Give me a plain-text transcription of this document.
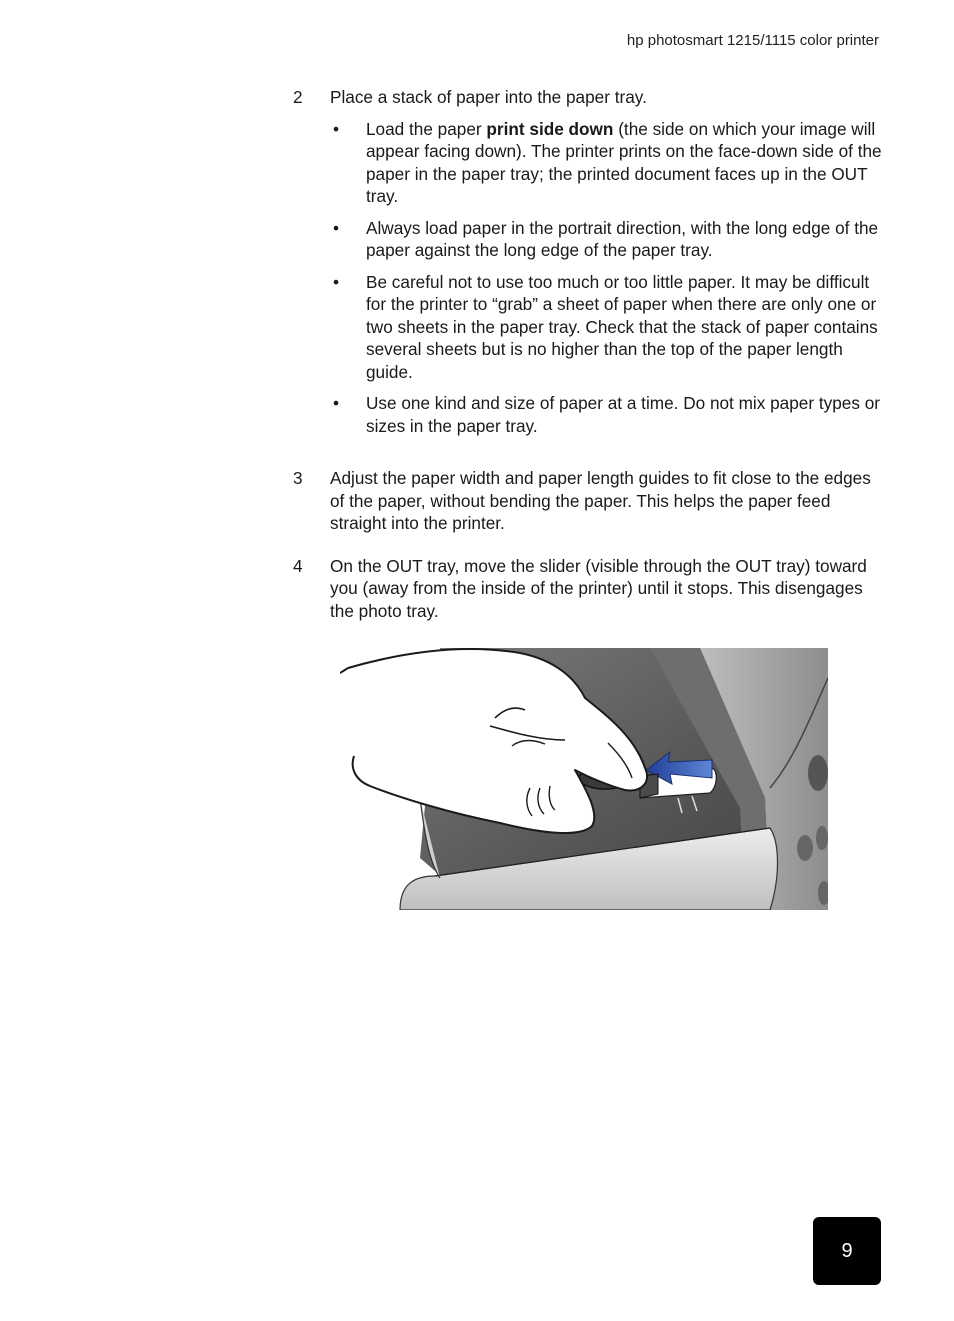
hp photosmart 1215/1115 color printer
2	Place a stack of paper into the paper tray.
•	Load the paper print side down (the side on which your image will appear facing down). The printer prints on the face-down side of the paper in the paper tray; the printed document faces up in the OUT tray.
•	Always load paper in the portrait direction, with the long edge of the paper against the long edge of the paper tray.
•	Be careful not to use too much or too little paper. It may be difficult for the printer to “grab” a sheet of paper when there are only one or two sheets in the paper tray. Check that the stack of paper contains several sheets but is no higher than the top of the paper length guide.
•	Use one kind and size of paper at a time. Do not mix paper types or sizes in the paper tray.
3	Adjust the paper width and paper length guides to fit close to the edges of the paper, without bending the paper. This helps the paper feed straight into the printer.
4	On the OUT tray, move the slider (visible through the OUT tray) toward you (away from the inside of the printer) until it stops. This disengages the photo tray.
9
